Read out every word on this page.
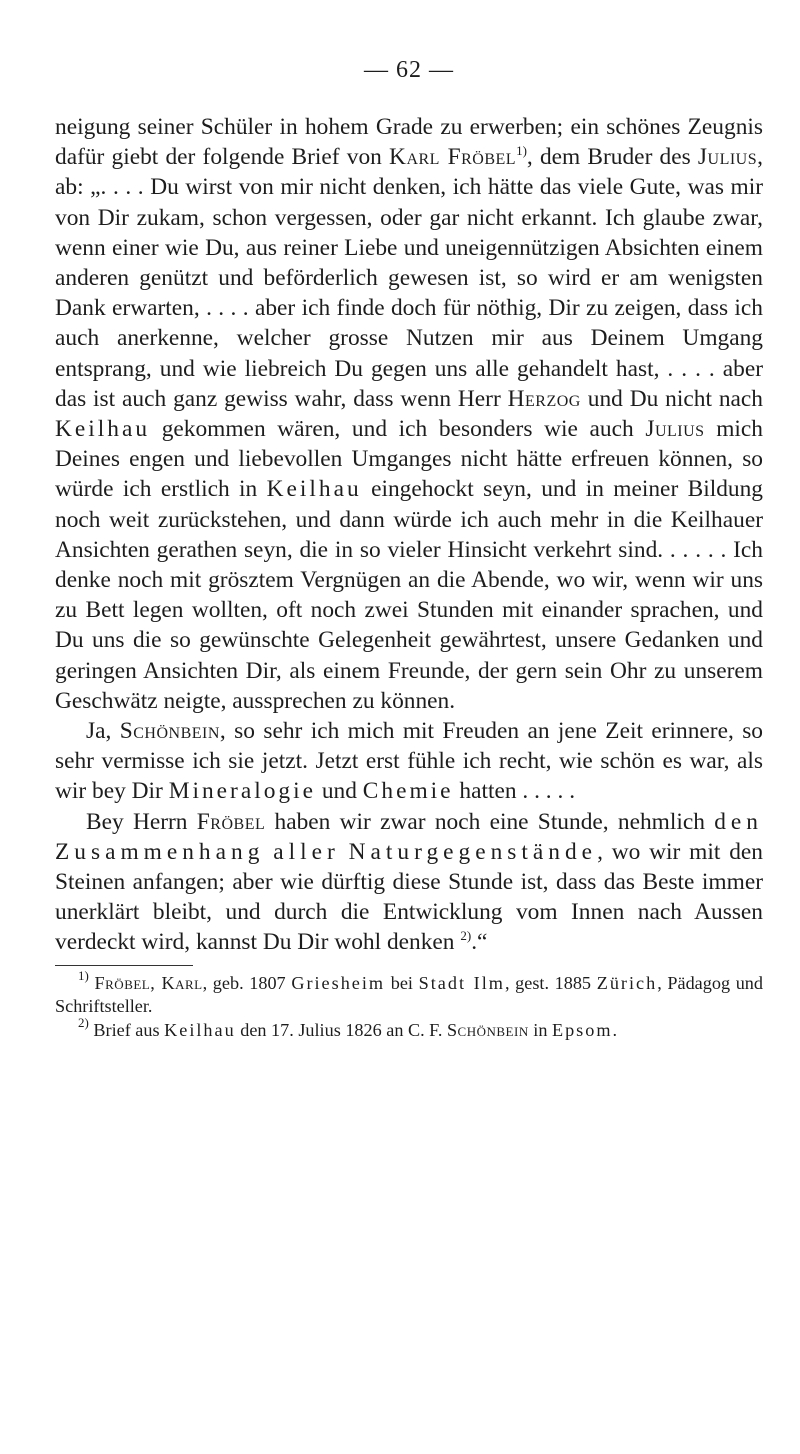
— 62 —

neigung seiner Schüler in hohem Grade zu erwerben; ein schönes Zeugnis dafür giebt der folgende Brief von Karl Fröbel$^{1)}$, dem Bruder des Julius, ab: „. . . . Du wirst von mir nicht denken, ich hätte das viele Gute, was mir von Dir zukam, schon vergessen, oder gar nicht erkannt. Ich glaube zwar, wenn einer wie Du, aus reiner Liebe und uneigennützigen Absichten einem anderen genützt und beförderlich gewesen ist, so wird er am wenigsten Dank erwarten, . . . . aber ich finde doch für nöthig, Dir zu zeigen, dass ich auch anerkenne, welcher grosse Nutzen mir aus Deinem Umgang entsprang, und wie liebreich Du gegen uns alle gehandelt hast, . . . . aber das ist auch ganz gewiss wahr, dass wenn Herr Herzog und Du nicht nach Keilhau gekommen wären, und ich besonders wie auch Julius mich Deines engen und liebevollen Umganges nicht hätte erfreuen können, so würde ich erstlich in Keilhau eingehockt seyn, und in meiner Bildung noch weit zurückstehen, und dann würde ich auch mehr in die Keilhauer Ansichten gerathen seyn, die in so vieler Hinsicht verkehrt sind. . . . . . Ich denke noch mit grösztem Vergnügen an die Abende, wo wir, wenn wir uns zu Bett legen wollten, oft noch zwei Stunden mit einander sprachen, und Du uns die so gewünschte Gelegenheit gewährtest, unsere Gedanken und geringen Ansichten Dir, als einem Freunde, der gern sein Ohr zu unserem Geschwätz neigte, aussprechen zu können.

Ja, Schönbein, so sehr ich mich mit Freuden an jene Zeit erinnere, so sehr vermisse ich sie jetzt. Jetzt erst fühle ich recht, wie schön es war, als wir bey Dir Mineralogie und Chemie hatten . . . . .

Bey Herrn Fröbel haben wir zwar noch eine Stunde, nehmlich den Zusammenhang aller Naturgegenstände, wo wir mit den Steinen anfangen; aber wie dürftig diese Stunde ist, dass das Beste immer unerklärt bleibt, und durch die Entwicklung vom Innen nach Aussen verdeckt wird, kannst Du Dir wohl denken $^{2)}$.“

$^{1)}$ Fröbel, Karl, geb. 1807 Griesheim bei Stadt Ilm, gest. 1885 Zürich, Pädagog und Schriftsteller.

$^{2)}$ Brief aus Keilhau den 17. Julius 1826 an C. F. Schönbein in Epsom.
